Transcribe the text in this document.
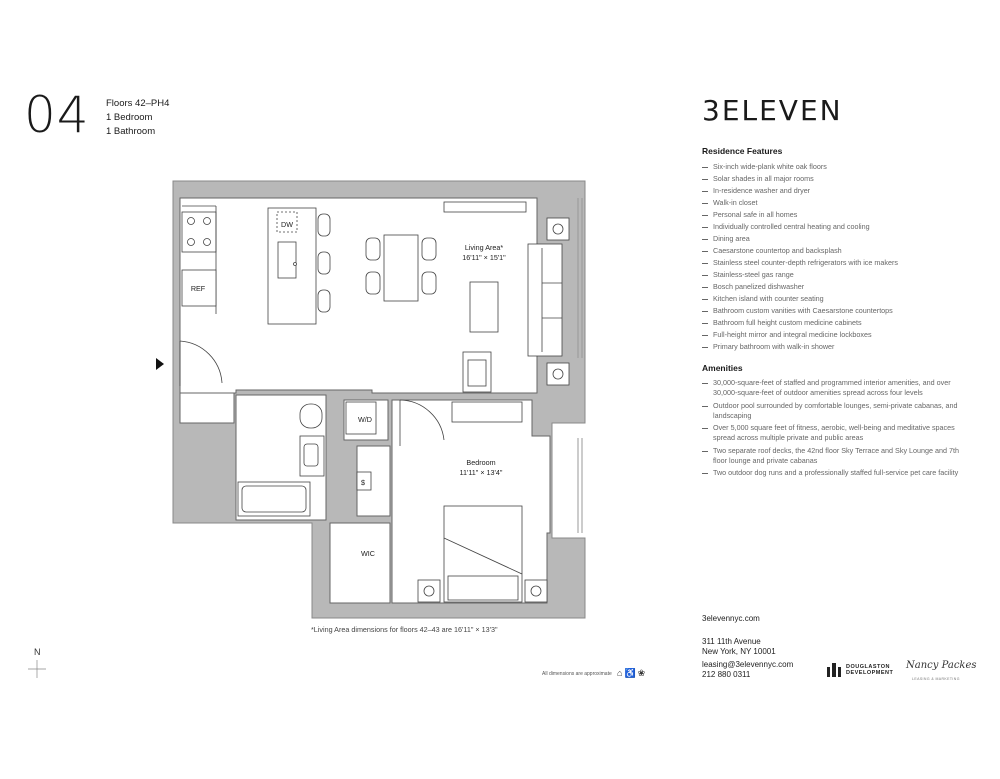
04 Floors 42–PH4
1 Bedroom
1 Bathroom
3ELEVEN
Residence Features
Six-inch wide-plank white oak floors
Solar shades in all major rooms
In-residence washer and dryer
Walk-in closet
Personal safe in all homes
Individually controlled central heating and cooling
Dining area
Caesarstone countertop and backsplash
Stainless steel counter-depth refrigerators with ice makers
Stainless-steel gas range
Bosch panelized dishwasher
Kitchen island with counter seating
Bathroom custom vanities with Caesarstone countertops
Bathroom full height custom medicine cabinets
Full-height mirror and integral medicine lockboxes
Primary bathroom with walk-in shower
Amenities
30,000-square-feet of staffed and programmed interior amenities, and over 30,000-square-feet of outdoor amenities spread across four levels
Outdoor pool surrounded by comfortable lounges, semi-private cabanas, and landscaping
Over 5,000 square feet of fitness, aerobic, well-being and meditative spaces spread across multiple private and public areas
Two separate roof decks, the 42nd floor Sky Terrace and Sky Lounge and 7th floor lounge and private cabanas
Two outdoor dog runs and a professionally staffed full-service pet care facility
3elevennyc.com
311 11th Avenue
New York, NY 10001
leasing@3elevennyc.com
212 880 0311
Living Area*
16'11" × 15'1"
Bedroom
11'11" × 13'4"
DW
REF
W/D
$
WIC
*Living Area dimensions for floors 42–43 are 16'11" × 13'3"
N
All dimensions are approximate ⌂ ♿ ❀
DOUGLASTON
DEVELOPMENT
Nancy Packes
LEASING & MARKETING
